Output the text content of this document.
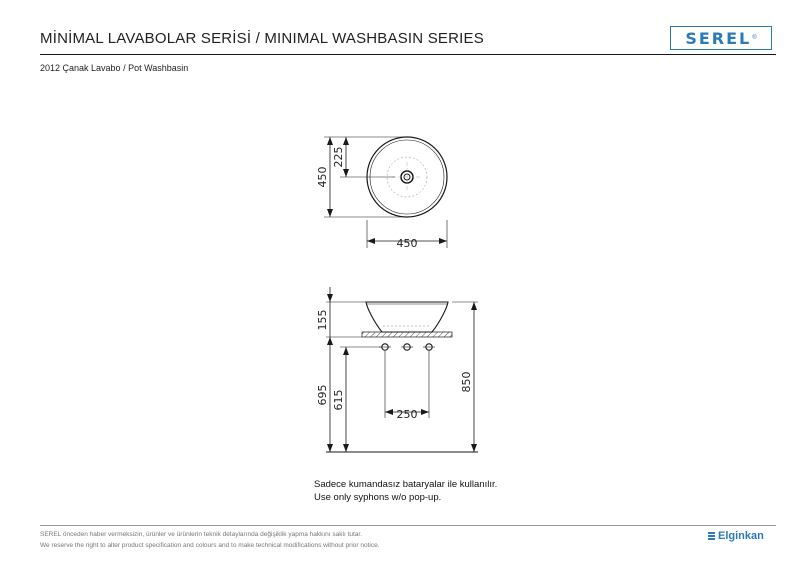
MİNİMAL LAVABOLAR SERİSİ / MINIMAL WASHBASIN SERIES	SEREL ®
2012 Çanak Lavabo / Pot Washbasin
450
225
450
250
155
695 615
850
Sadece kumandasız bataryalar ile kullanılır.
Use only syphons w/o pop-up.
SEREL önceden haber vermeksizin, ürünler ve ürünlerin teknik detaylarında değişiklik yapma hakkını saklı tutar.
We reserve the right to alter product specification and colours and to make technical modifications without prior notice.
Elginkan
